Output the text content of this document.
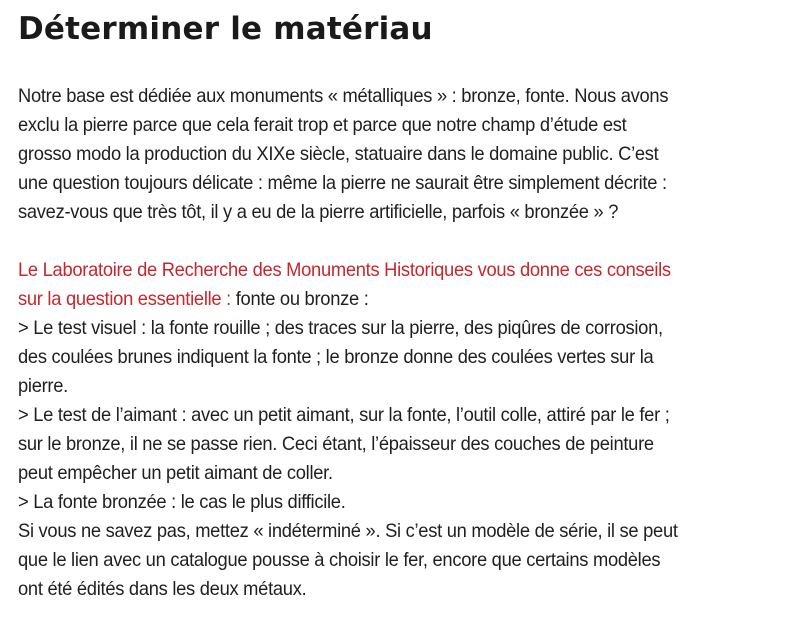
Déterminer le matériau

Notre base est dédiée aux monuments « métalliques » : bronze, fonte. Nous avons
exclu la pierre parce que cela ferait trop et parce que notre champ d’étude est
grosso modo la production du XIXe siècle, statuaire dans le domaine public. C’est
une question toujours délicate : même la pierre ne saurait être simplement décrite :
savez-vous que très tôt, il y a eu de la pierre artificielle, parfois « bronzée » ?

Le Laboratoire de Recherche des Monuments Historiques vous donne ces conseils
sur la question essentielle : fonte ou bronze :
> Le test visuel : la fonte rouille ; des traces sur la pierre, des piqûres de corrosion,
des coulées brunes indiquent la fonte ; le bronze donne des coulées vertes sur la
pierre.
> Le test de l’aimant : avec un petit aimant, sur la fonte, l’outil colle, attiré par le fer ;
sur le bronze, il ne se passe rien. Ceci étant, l’épaisseur des couches de peinture
peut empêcher un petit aimant de coller.
> La fonte bronzée : le cas le plus difficile.
Si vous ne savez pas, mettez « indéterminé ». Si c’est un modèle de série, il se peut
que le lien avec un catalogue pousse à choisir le fer, encore que certains modèles
ont été édités dans les deux métaux.
